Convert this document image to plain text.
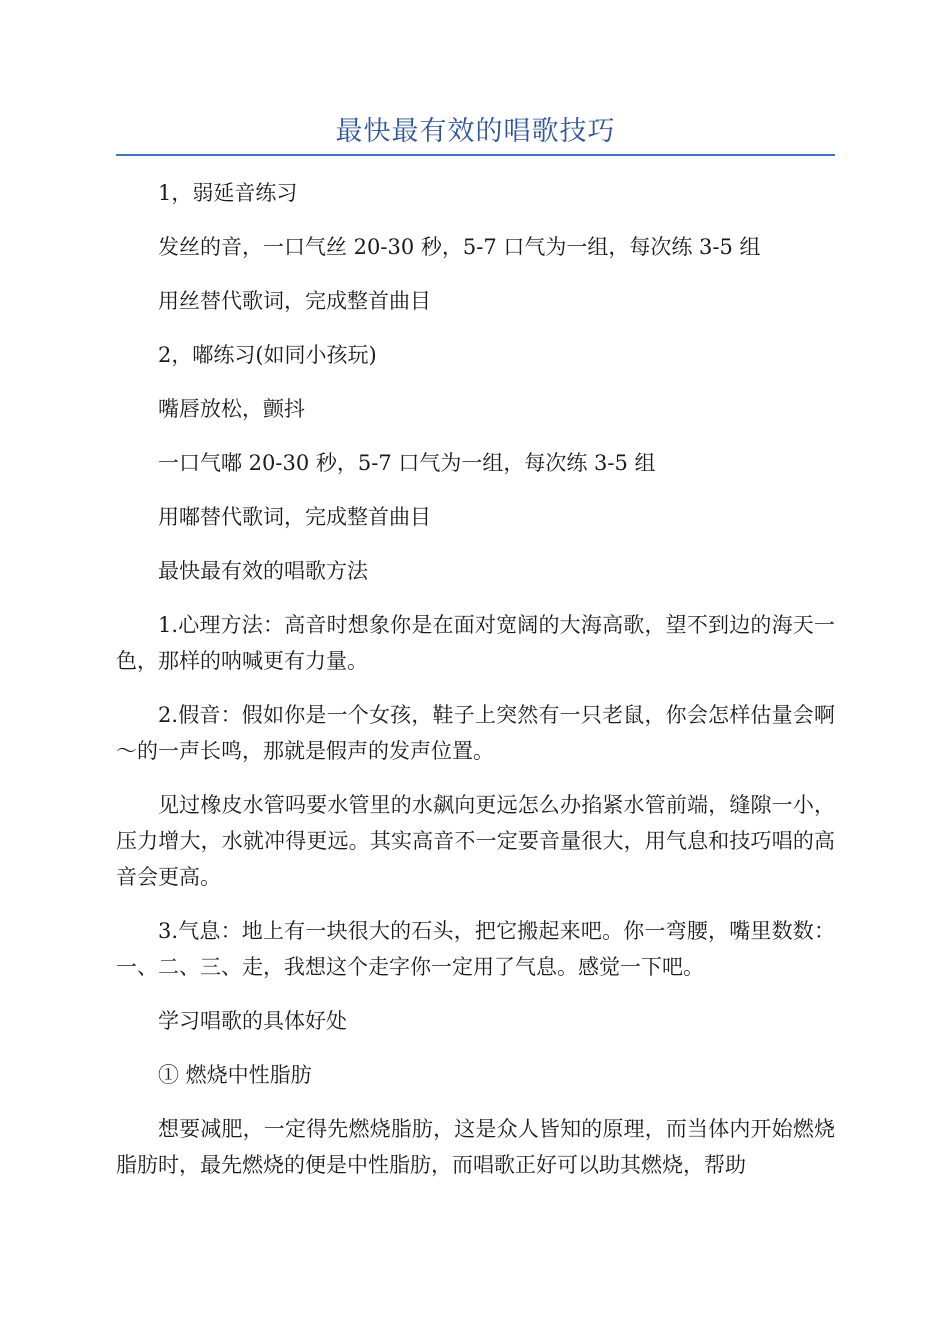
最快最有效的唱歌技巧

1，弱延音练习

发丝的音，一口气丝 20-30 秒，5-7 口气为一组，每次练 3-5 组

用丝替代歌词，完成整首曲目

2，嘟练习(如同小孩玩)

嘴唇放松，颤抖

一口气嘟 20-30 秒，5-7 口气为一组，每次练 3-5 组

用嘟替代歌词，完成整首曲目

最快最有效的唱歌方法

1.心理方法：高音时想象你是在面对宽阔的大海高歌，望不到边的海天一色，那样的呐喊更有力量。

2.假音：假如你是一个女孩，鞋子上突然有一只老鼠，你会怎样估量会啊～的一声长鸣，那就是假声的发声位置。

见过橡皮水管吗要水管里的水飙向更远怎么办掐紧水管前端，缝隙一小，压力增大，水就冲得更远。其实高音不一定要音量很大，用气息和技巧唱的高音会更高。

3.气息：地上有一块很大的石头，把它搬起来吧。你一弯腰，嘴里数数：一、二、三、走，我想这个走字你一定用了气息。感觉一下吧。

学习唱歌的具体好处

① 燃烧中性脂肪

想要减肥，一定得先燃烧脂肪，这是众人皆知的原理，而当体内开始燃烧脂肪时，最先燃烧的便是中性脂肪，而唱歌正好可以助其燃烧，帮助
